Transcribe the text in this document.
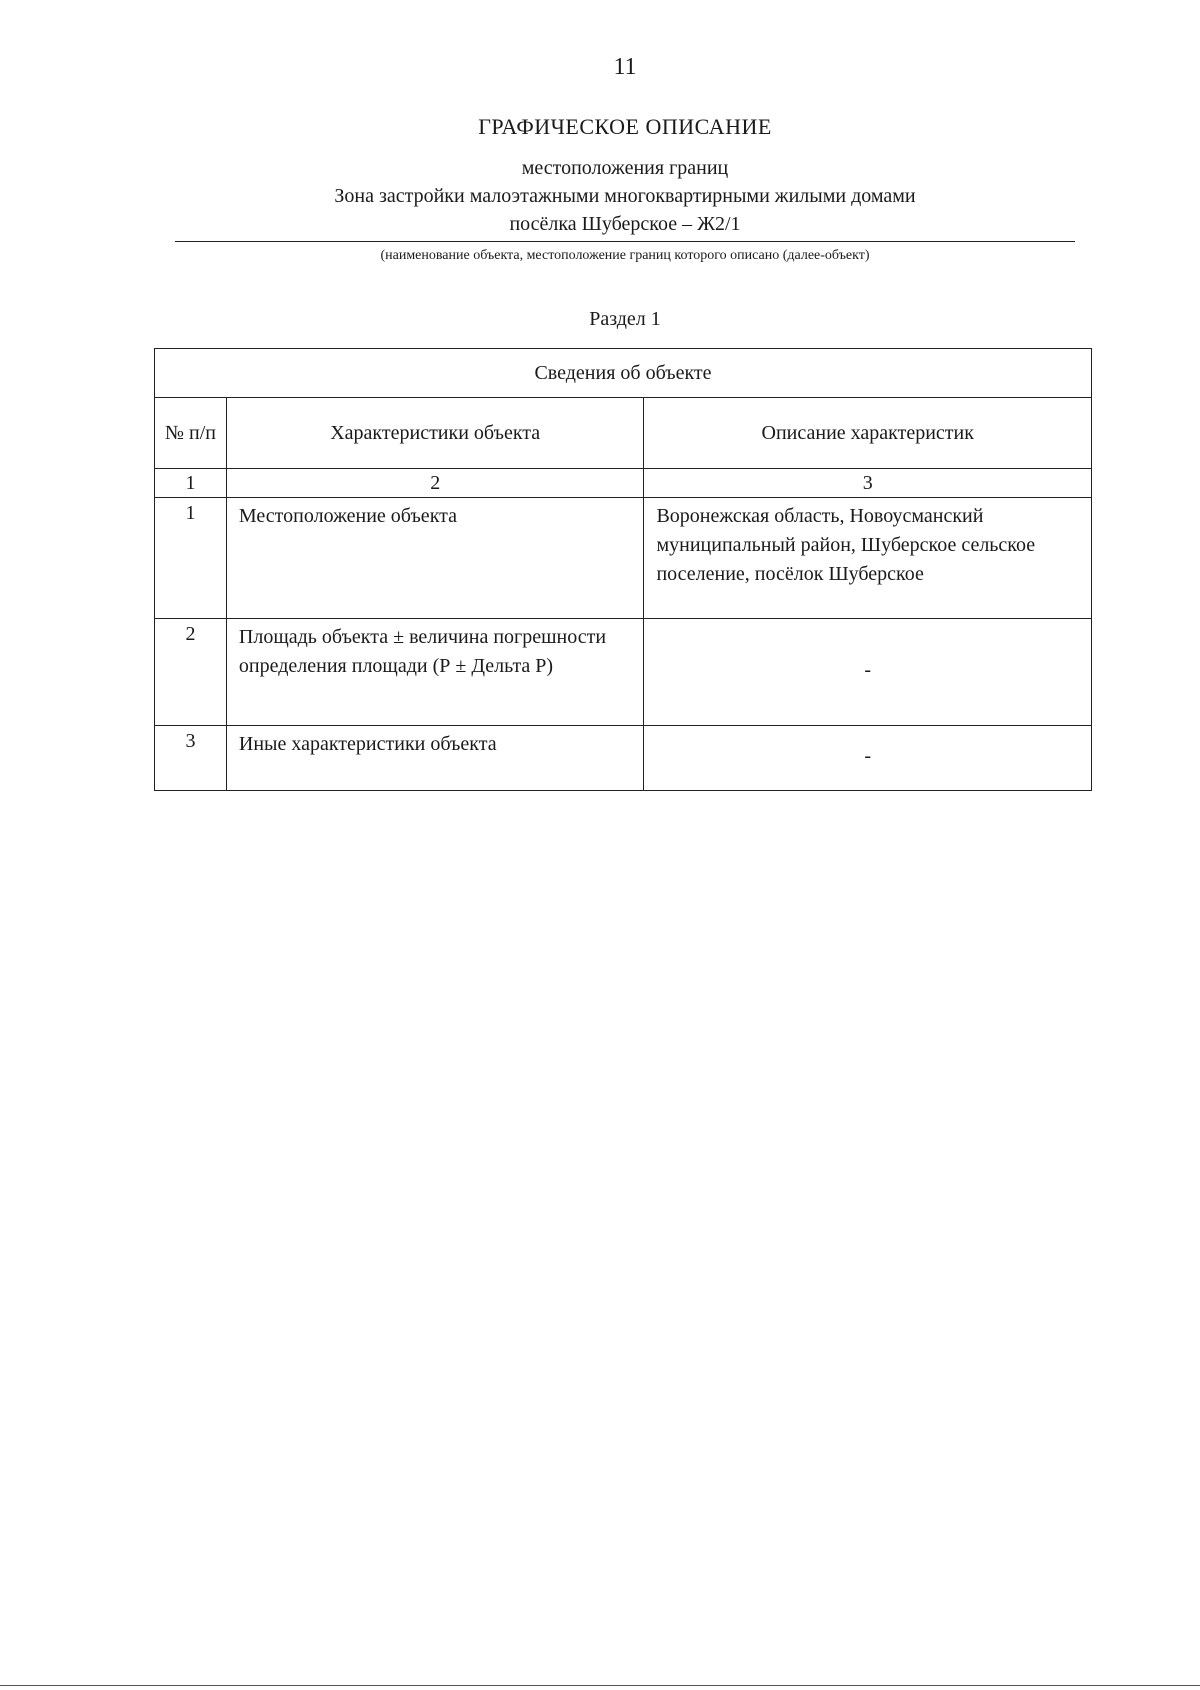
11
ГРАФИЧЕСКОЕ ОПИСАНИЕ
местоположения границ
Зона застройки малоэтажными многоквартирными жилыми домами
посёлка Шуберское – Ж2/1
(наименование объекта, местоположение границ которого описано (далее-объект)
Раздел 1
Сведения об объекте		
№ п/п	Характеристики объекта	Описание характеристик
1	2	3
1	Местоположение объекта	Воронежская область, Новоусманский муниципальный район, Шуберское сельское поселение, посёлок Шуберское
2	Площадь объекта ± величина погрешности определения площади (Р ± Дельта Р)	-
3	Иные характеристики объекта	-
